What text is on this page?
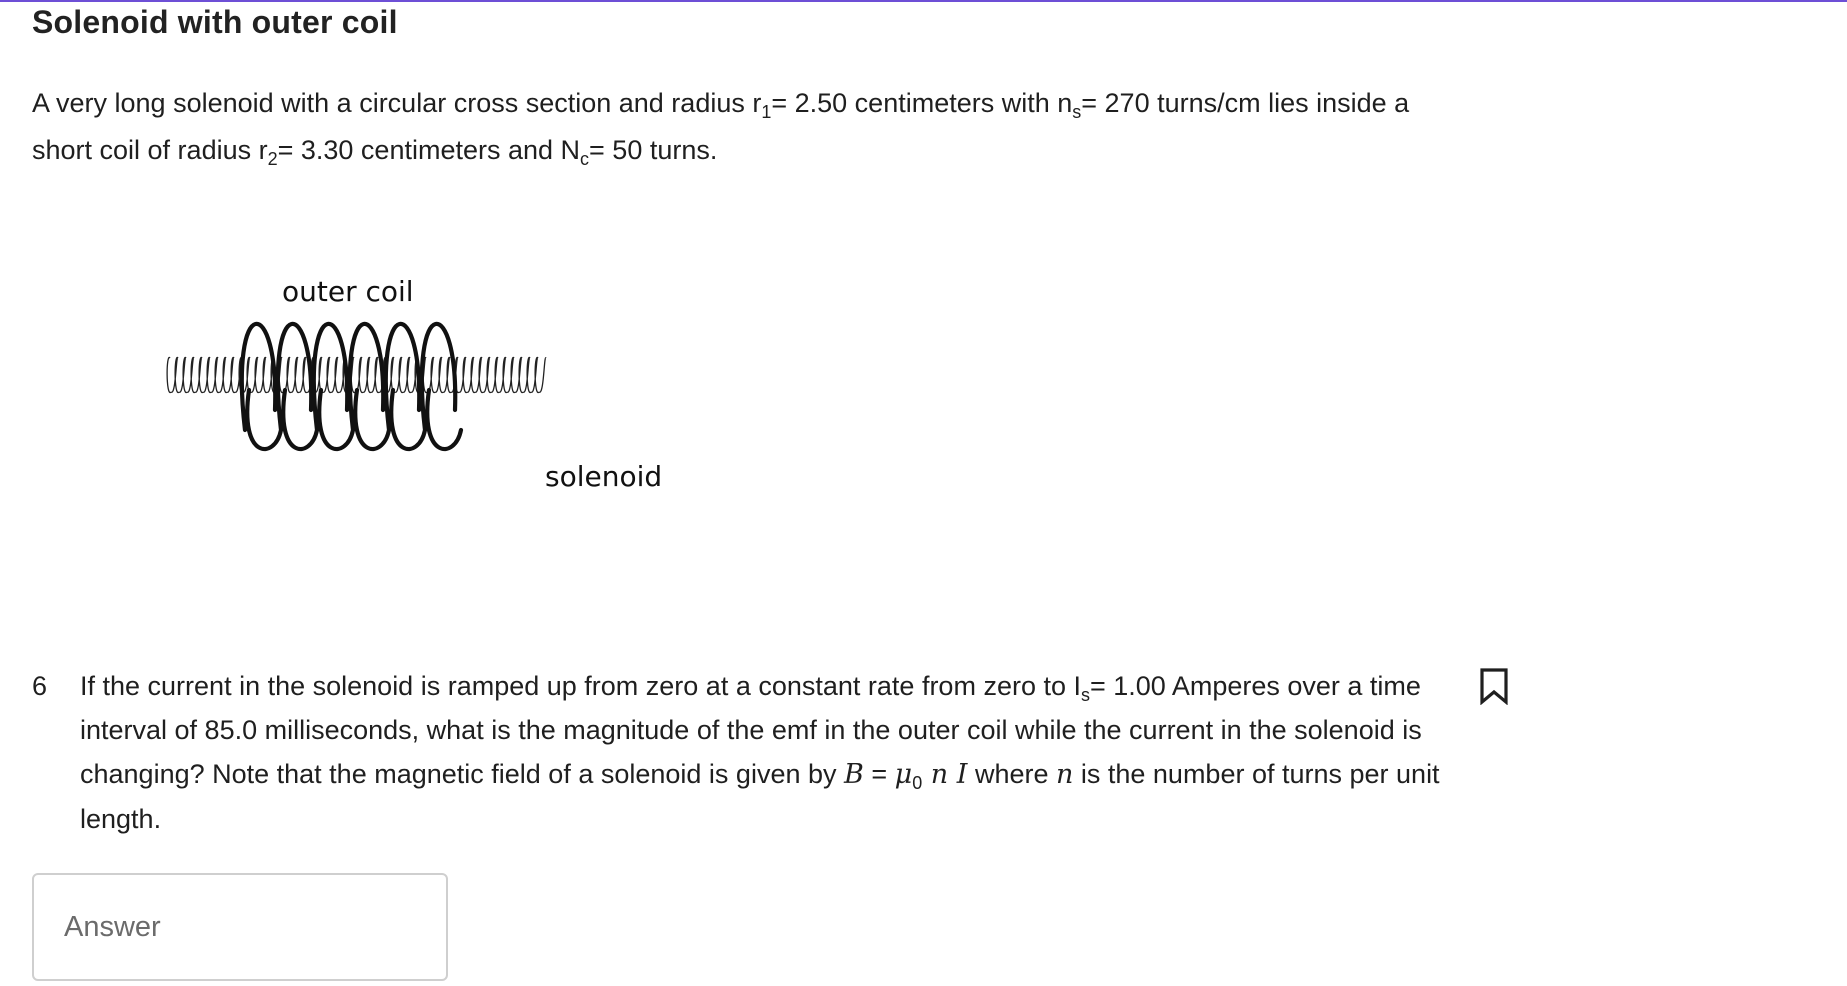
Solenoid with outer coil
A very long solenoid with a circular cross section and radius $r_1= 2.50$ centimeters with $n_s= 270$ turns/cm lies inside a short coil of radius $r_2= 3.30$ centimeters and $N_c= 50$ turns.
outer coil
solenoid
6 If the current in the solenoid is ramped up from zero at a constant rate from zero to $I_s= 1.00$ Amperes over a time interval of 85.0 milliseconds, what is the magnitude of the emf in the outer coil while the current in the solenoid is changing? Note that the magnetic field of a solenoid is given by $B = \mu_0$ n I where n is the number of turns per unit length.
Answer
